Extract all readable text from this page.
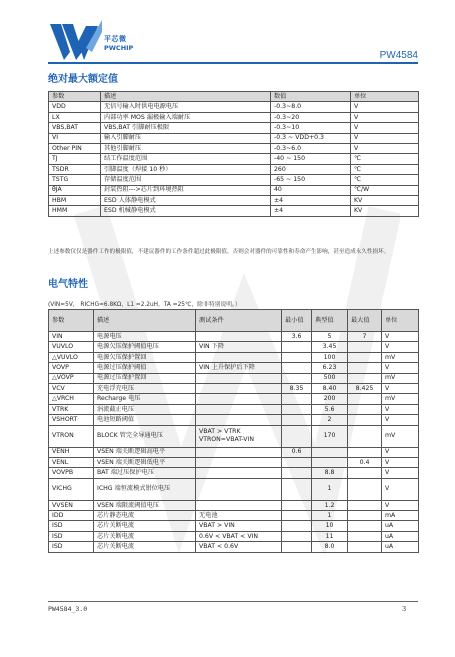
平芯微
PWCHIP
PW4584
绝对最大额定值
参数	描述	数值	单位
VDD	无信号输入时供电电源电压	-0.3~8.0	V
LX	内部功率 MOS 漏极输入端耐压	-0.3~20	V
VBS,BAT	VBS,BAT 引脚耐压极限	-0.3~10	V
VI	输入引脚耐压	-0.3 ~ VDD+0.3	V
Other PIN	其他引脚耐压	-0.3~6.0	V
TJ	结工作温度范围	-40 ~ 150	℃
TSDR	引脚温度（焊接 10 秒）	260	℃
TSTG	存储温度范围	-65 ~ 150	℃
θJA	封装热阻--->芯片到环境热阻	40	℃/W
HBM	ESD 人体静电模式	±4	KV
HMM	ESD 机械静电模式	±4	KV
上述参数仅仅是器件工作的极限值，不建议器件的工作条件超过此极限值，否则会对器件的可靠性和寿命产生影响，甚至造成永久性损坏。
电气特性
(VIN=5V， RICHG=6.8KΩ，L1 =2.2uH，TA =25℃，除非特别说明。）
参数	描述	测试条件	最小值	典型值	最大值	单位
VIN	电源电压		3.6	5	7	V
VUVLO	电源欠压保护阈值电压	VIN 下降		3.45		V
△VUVLO	电源欠压保护置回			100		mV
VOVP	电源过压保护阈值	VIN 上升保护后下降		6.23		V
△VOVP	电源过压保护置回			500		mV
VCV	充电浮充电压		8.35	8.40	8.425	V
△VRCH	Recharge 电压			200		mV
VTRK	涓流截止电压			5.6		V
VSHORT	电池短路阈值			2		V
VTRON	BLOCK 管完全导通电压	VBAT > VTRK
VTRON=VBAT-VIN		170		mV
VENH	VSEN 端关断逻辑高电平		0.6			V
VENL	VSEN 端关断逻辑低电平				0.4	V
VOVPB	BAT 端过压保护电压			8.8		V
VICHG	ICHG 端恒流模式钳位电压			1		V
VVSEN	VSEN 端限流阈值电压			1.2		V
IDD	芯片静态电流	无电池		1		mA
ISD	芯片关断电流	VBAT > VIN		10		uA
ISD	芯片关断电流	0.6V < VBAT < VIN		11		uA
ISD	芯片关断电流	VBAT < 0.6V		8.0		uA
PW4584_3.0	3
